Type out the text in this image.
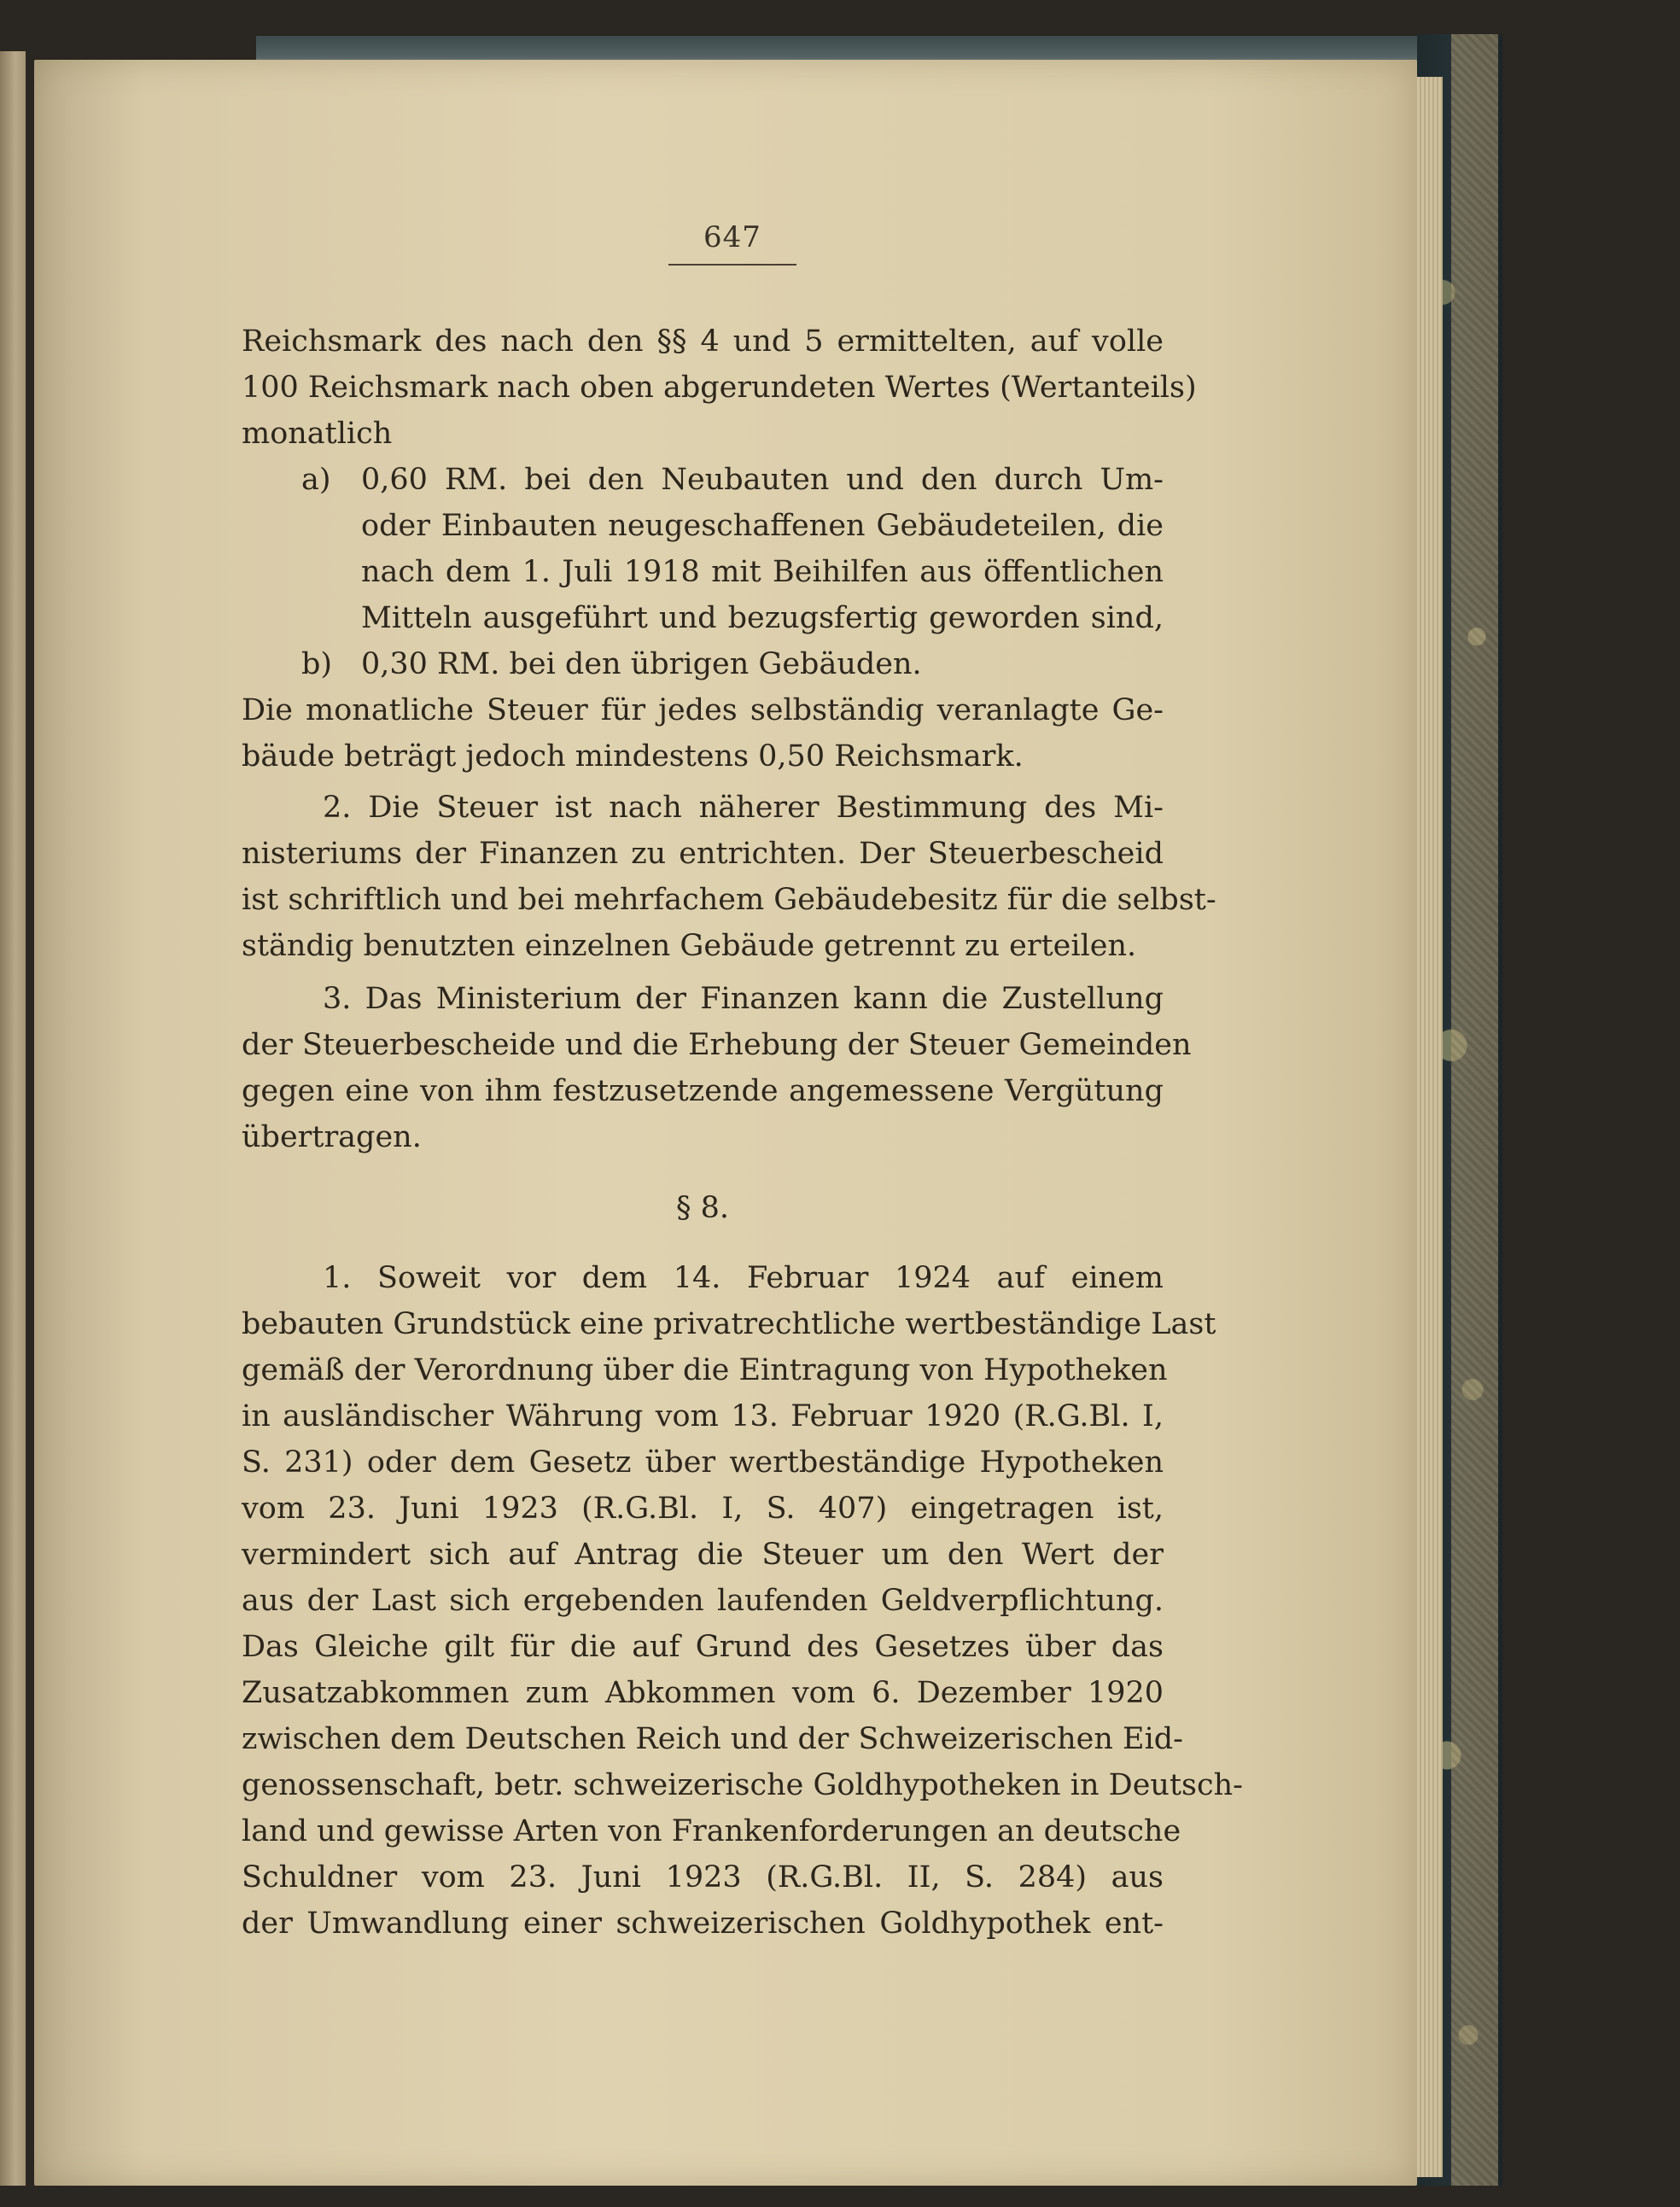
647
Reichsmark des nach den §§ 4 und 5 ermittelten, auf volle
100 Reichsmark nach oben abgerundeten Wertes (Wertanteils)
monatlich
a) 0,60 RM. bei den Neubauten und den durch Um-
oder Einbauten neugeschaffenen Gebäudeteilen, die
nach dem 1. Juli 1918 mit Beihilfen aus öffentlichen
Mitteln ausgeführt und bezugsfertig geworden sind,
b) 0,30 RM. bei den übrigen Gebäuden.
Die monatliche Steuer für jedes selbständig veranlagte Ge-
bäude beträgt jedoch mindestens 0,50 Reichsmark.
2. Die Steuer ist nach näherer Bestimmung des Mi-
nisteriums der Finanzen zu entrichten. Der Steuerbescheid
ist schriftlich und bei mehrfachem Gebäudebesitz für die selbst-
ständig benutzten einzelnen Gebäude getrennt zu erteilen.
3. Das Ministerium der Finanzen kann die Zustellung
der Steuerbescheide und die Erhebung der Steuer Gemeinden
gegen eine von ihm festzusetzende angemessene Vergütung
übertragen.
§ 8.
1. Soweit vor dem 14. Februar 1924 auf einem
bebauten Grundstück eine privatrechtliche wertbeständige Last
gemäß der Verordnung über die Eintragung von Hypotheken
in ausländischer Währung vom 13. Februar 1920 (R.G.Bl. I,
S. 231) oder dem Gesetz über wertbeständige Hypotheken
vom 23. Juni 1923 (R.G.Bl. I, S. 407) eingetragen ist,
vermindert sich auf Antrag die Steuer um den Wert der
aus der Last sich ergebenden laufenden Geldverpflichtung.
Das Gleiche gilt für die auf Grund des Gesetzes über das
Zusatzabkommen zum Abkommen vom 6. Dezember 1920
zwischen dem Deutschen Reich und der Schweizerischen Eid-
genossenschaft, betr. schweizerische Goldhypotheken in Deutsch-
land und gewisse Arten von Frankenforderungen an deutsche
Schuldner vom 23. Juni 1923 (R.G.Bl. II, S. 284) aus
der Umwandlung einer schweizerischen Goldhypothek ent-
